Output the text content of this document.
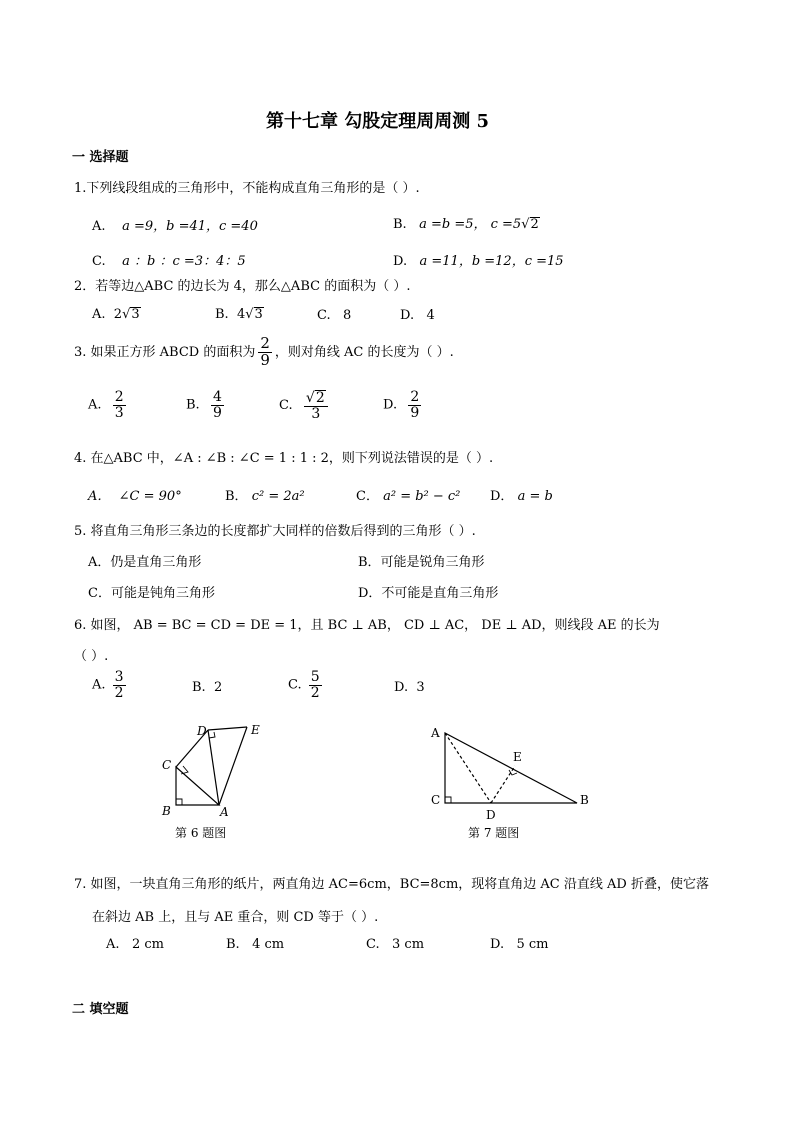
第十七章 勾股定理周周测 5
一 选择题
1.下列线段组成的三角形中，不能构成直角三角形的是（ ）.
A. a =9，b =41，c =40	B. a =b =5， c =5√2
C. a ：b ：c =3：4：5	D. a =11，b =12，c =15
2．若等边△ABC 的边长为 4，那么△ABC 的面积为（ ）.
A. 2√3	B. 4√3	C. 8	D. 4
3. 如果正方形 ABCD 的面积为 $\frac{2}{9}$ ，则对角线 AC 的长度为（ ）.
A. $\frac{2}{3}$	B. $\frac{4}{9}$	C. $\frac{√2}{3}$	D. $\frac{2}{9}$
4. 在△ABC 中，∠A : ∠B : ∠C = 1 : 1 : 2，则下列说法错误的是（ ）.
A． ∠C = 90°	B． c² = 2a²	C． a² = b² − c² D． a = b
5. 将直角三角形三条边的长度都扩大同样的倍数后得到的三角形（ ）.
A．仍是直角三角形	B．可能是锐角三角形
C．可能是钝角三角形	D．不可能是直角三角形
6. 如图， AB = BC = CD = DE = 1，且 BC ⊥ AB， CD ⊥ AC， DE ⊥ AD，则线段 AE 的长为
（ ）.
A. $\frac{3}{2}$	B. 2	C. $\frac{5}{2}$	D. 3
D	E
C
B	A
第 6 题图
A
E
C
D
B
第 7 题图
7. 如图，一块直角三角形的纸片，两直角边 AC=6cm，BC=8cm，现将直角边 AC 沿直线 AD 折叠，使它落
在斜边 AB 上，且与 AE 重合，则 CD 等于（ ）.
A. 2 cm	B. 4 cm	C. 3 cm	D. 5 cm
二 填空题
